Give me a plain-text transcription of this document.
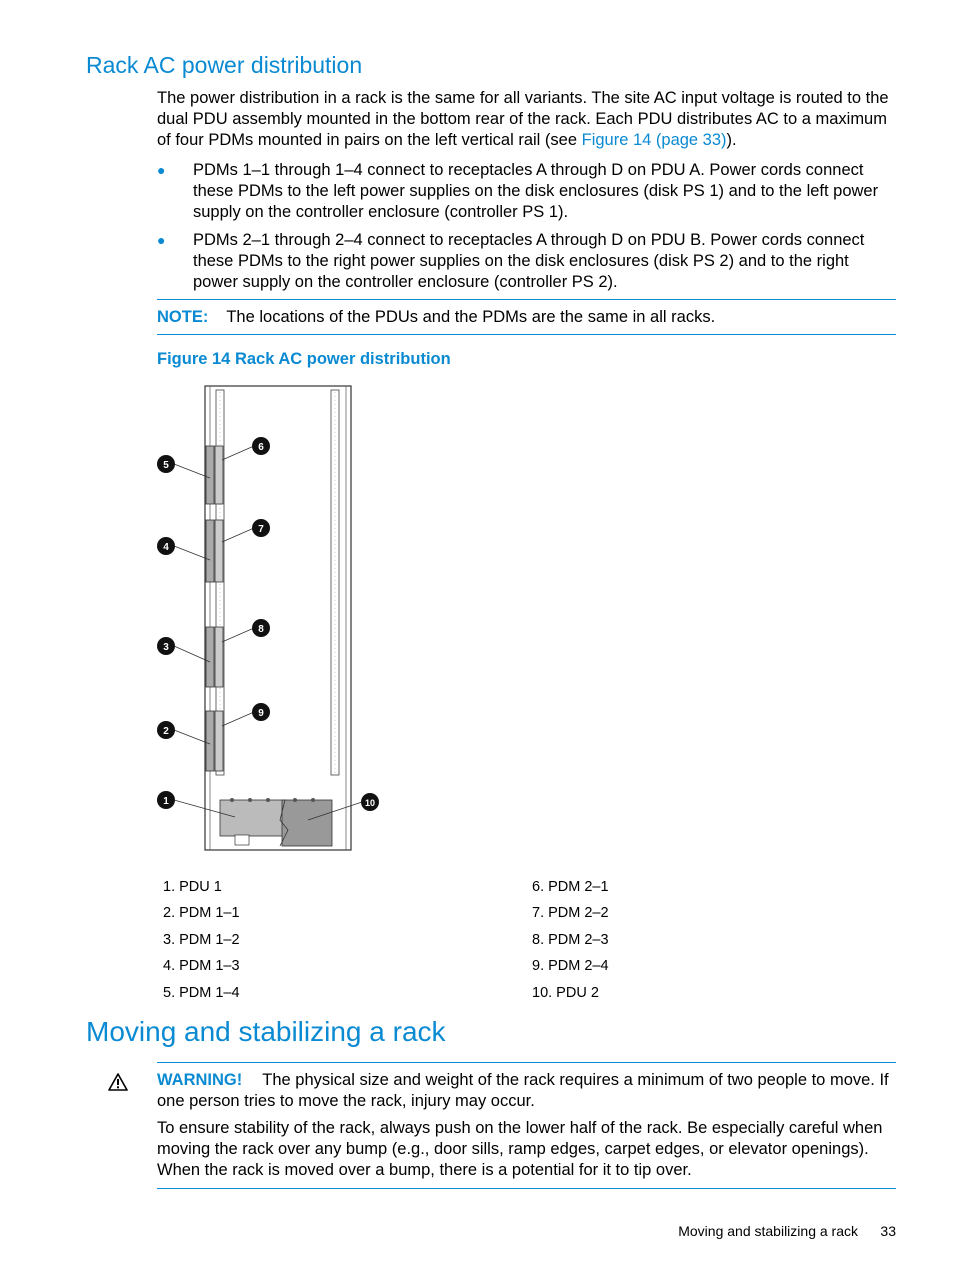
Rack AC power distribution

The power distribution in a rack is the same for all variants. The site AC input voltage is routed to the dual PDU assembly mounted in the bottom rear of the rack. Each PDU distributes AC to a maximum of four PDMs mounted in pairs on the left vertical rail (see Figure 14 (page 33)).

● PDMs 1–1 through 1–4 connect to receptacles A through D on PDU A. Power cords connect these PDMs to the left power supplies on the disk enclosures (disk PS 1) and to the left power supply on the controller enclosure (controller PS 1).
● PDMs 2–1 through 2–4 connect to receptacles A through D on PDU B. Power cords connect these PDMs to the right power supplies on the disk enclosures (disk PS 2) and to the right power supply on the controller enclosure (controller PS 2).
NOTE: The locations of the PDUs and the PDMs are the same in all racks.
Figure 14 Rack AC power distribution
5
4
3
2
1
6
7
8
9
10
1. PDU 1
2. PDM 1–1
3. PDM 1–2
4. PDM 1–3
5. PDM 1–4
6. PDM 2–1
7. PDM 2–2
8. PDM 2–3
9. PDM 2–4
10. PDU 2
Moving and stabilizing a rack
WARNING! The physical size and weight of the rack requires a minimum of two people to move. If one person tries to move the rack, injury may occur.
To ensure stability of the rack, always push on the lower half of the rack. Be especially careful when moving the rack over any bump (e.g., door sills, ramp edges, carpet edges, or elevator openings). When the rack is moved over a bump, there is a potential for it to tip over.
Moving and stabilizing a rack 33
